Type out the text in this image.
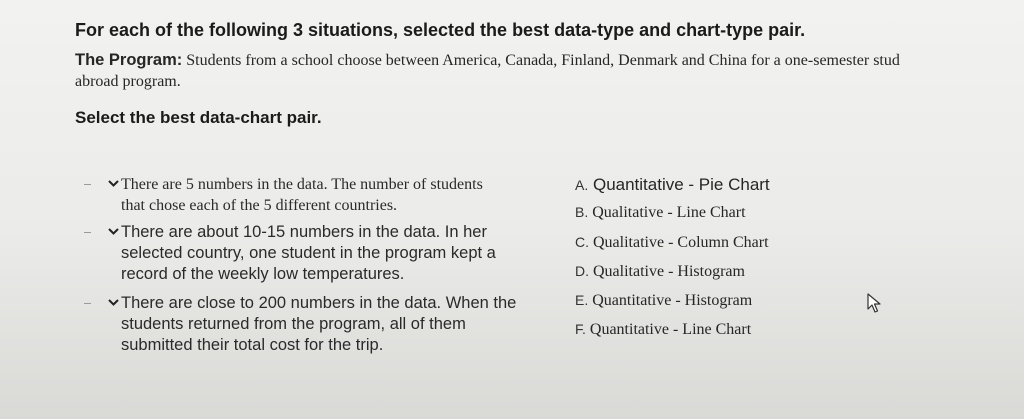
For each of the following 3 situations, selected the best data-type and chart-type pair.
The Program: Students from a school choose between America, Canada, Finland, Denmark and China for a one-semester stud
abroad program.
Select the best data-chart pair.
There are 5 numbers in the data. The number of students
that chose each of the 5 different countries.
There are about 10-15 numbers in the data. In her
selected country, one student in the program kept a
record of the weekly low temperatures.
There are close to 200 numbers in the data. When the
students returned from the program, all of them
submitted their total cost for the trip.
A. Quantitative - Pie Chart
B. Qualitative - Line Chart
C. Qualitative - Column Chart
D. Qualitative - Histogram
E. Quantitative - Histogram
F. Quantitative - Line Chart
